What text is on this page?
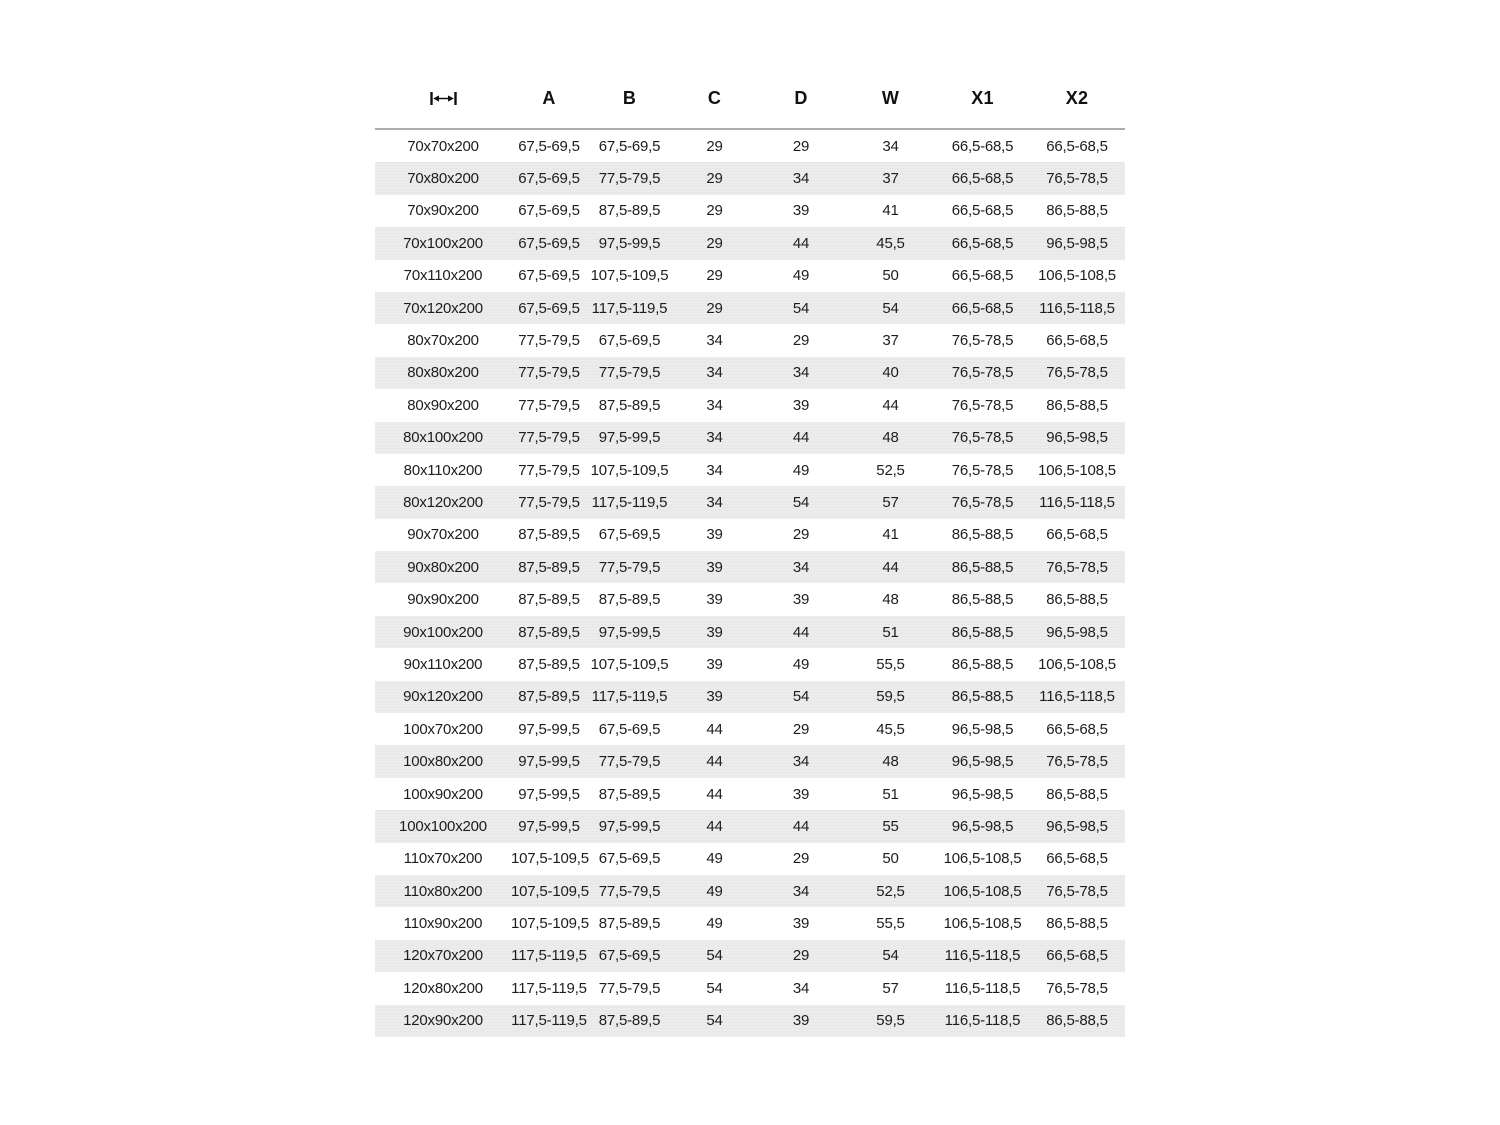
A	B	C	D	W	X1	X2
70x70x200	67,5-69,5	67,5-69,5	29	29	34	66,5-68,5	66,5-68,5
70x80x200	67,5-69,5	77,5-79,5	29	34	37	66,5-68,5	76,5-78,5
70x90x200	67,5-69,5	87,5-89,5	29	39	41	66,5-68,5	86,5-88,5
70x100x200	67,5-69,5	97,5-99,5	29	44	45,5	66,5-68,5	96,5-98,5
70x110x200	67,5-69,5 107,5-109,5	29	49	50	66,5-68,5	106,5-108,5
70x120x200	67,5-69,5 117,5-119,5	29	54	54	66,5-68,5	116,5-118,5
80x70x200	77,5-79,5	67,5-69,5	34	29	37	76,5-78,5	66,5-68,5
80x80x200	77,5-79,5	77,5-79,5	34	34	40	76,5-78,5	76,5-78,5
80x90x200	77,5-79,5	87,5-89,5	34	39	44	76,5-78,5	86,5-88,5
80x100x200	77,5-79,5	97,5-99,5	34	44	48	76,5-78,5	96,5-98,5
80x110x200	77,5-79,5 107,5-109,5	34	49	52,5	76,5-78,5	106,5-108,5
80x120x200	77,5-79,5 117,5-119,5	34	54	57	76,5-78,5	116,5-118,5
90x70x200	87,5-89,5	67,5-69,5	39	29	41	86,5-88,5	66,5-68,5
90x80x200	87,5-89,5	77,5-79,5	39	34	44	86,5-88,5	76,5-78,5
90x90x200	87,5-89,5	87,5-89,5	39	39	48	86,5-88,5	86,5-88,5
90x100x200	87,5-89,5	97,5-99,5	39	44	51	86,5-88,5	96,5-98,5
90x110x200	87,5-89,5 107,5-109,5	39	49	55,5	86,5-88,5	106,5-108,5
90x120x200	87,5-89,5 117,5-119,5	39	54	59,5	86,5-88,5	116,5-118,5
100x70x200	97,5-99,5	67,5-69,5	44	29	45,5	96,5-98,5	66,5-68,5
100x80x200	97,5-99,5	77,5-79,5	44	34	48	96,5-98,5	76,5-78,5
100x90x200	97,5-99,5	87,5-89,5	44	39	51	96,5-98,5	86,5-88,5
100x100x200	97,5-99,5	97,5-99,5	44	44	55	96,5-98,5	96,5-98,5
110x70x200	107,5-109,5 67,5-69,5	49	29	50	106,5-108,5	66,5-68,5
110x80x200	107,5-109,5 77,5-79,5	49	34	52,5	106,5-108,5	76,5-78,5
110x90x200	107,5-109,5 87,5-89,5	49	39	55,5	106,5-108,5	86,5-88,5
120x70x200	117,5-119,5 67,5-69,5	54	29	54	116,5-118,5	66,5-68,5
120x80x200	117,5-119,5 77,5-79,5	54	34	57	116,5-118,5	76,5-78,5
120x90x200	117,5-119,5 87,5-89,5	54	39	59,5	116,5-118,5	86,5-88,5
